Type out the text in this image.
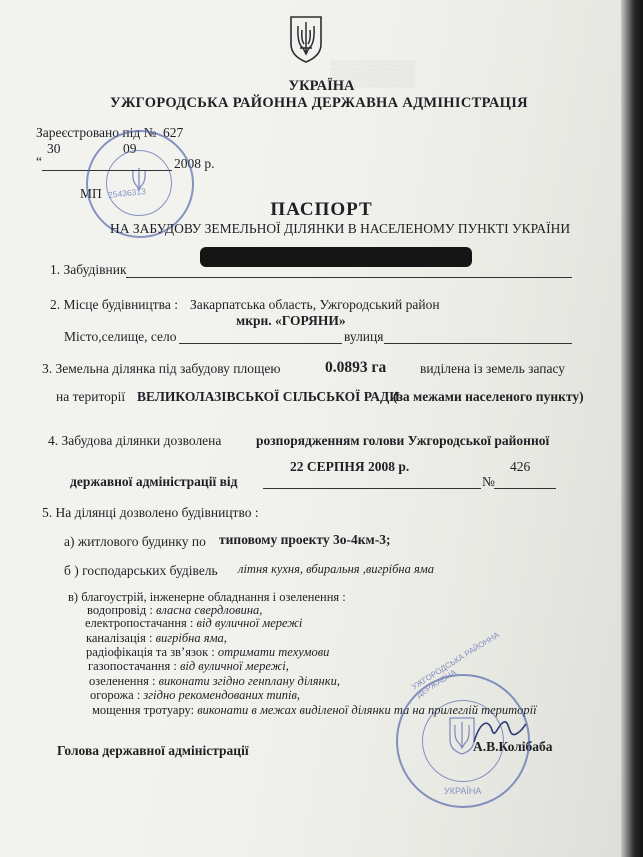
▒▒▒▒▒
УКРАЇНА
УЖГОРОДСЬКА РАЙОННА ДЕРЖАВНА АДМІНІСТРАЦІЯ
Зареєстровано під № 627
30	09
“	2008 р.
МП 25436313
ПАСПОРТ
НА ЗАБУДОВУ ЗЕМЕЛЬНОЇ ДІЛЯНКИ В НАСЕЛЕНОМУ ПУНКТІ УКРАЇНИ
1. Забудівник
2. Місце будівництва : Закарпатська область, Ужгородський район
мкрн. «ГОРЯНИ»
Місто,селище, село	вулиця
3. Земельна ділянка під забудову площею	0.0893 га виділена із земель запасу
на території ВЕЛИКОЛАЗІВСЬКОЇ СІЛЬСЬКОЇ РАДИ
(за межами населеного пункту)
4. Забудова ділянки дозволена	розпорядженням голови Ужгородської районної
22 СЕРПНЯ 2008 р.	426
державної адміністрації від	№
5. На ділянці дозволено будівництво :
а) житлового будинку по типовому проекту 3о-4км-3;
б ) господарських будівель літня кухня, вбиральня ,вигрібна яма
в) благоустрій, інженерне обладнання і озеленення :
водопровід : власна свердловина,
електропостачання : від вуличної мережі
каналізація : вигрібна яма,
радіофікація та зв’язок : отримати техумови
газопостачання : від вуличної мережі,
озеленення : виконати згідно генплану ділянки,
огорожа : згідно рекомендованих типів,
мощення тротуару: виконати в межах виділеної ділянки та на прилеглій території
Голова державної адміністрації	А.В.Колібаба
УЖГОРОДСЬКА РАЙОННА ДЕРЖАВНА
УКРАЇНА
